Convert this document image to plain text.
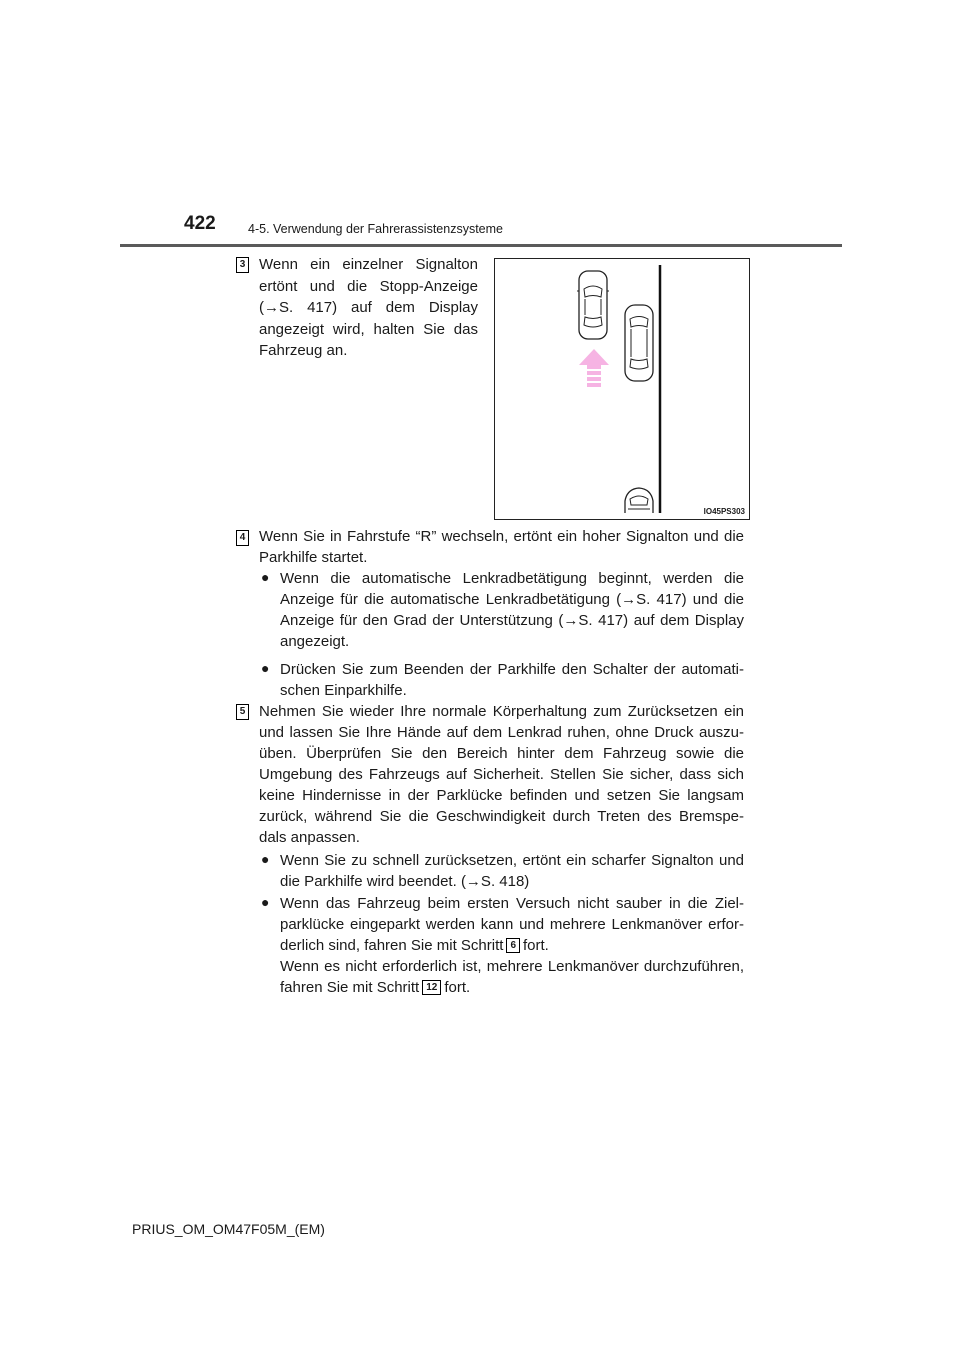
422	4-5. Verwendung der Fahrerassistenzsysteme
3 Wenn ein einzelner Signalton
ertönt und die Stopp-Anzeige
(→S. 417) auf dem Display
angezeigt wird, halten Sie das
Fahrzeug an.
IO45PS303
4 Wenn Sie in Fahrstufe “R” wechseln, ertönt ein hoher Signalton und die
Parkhilfe startet.
● Wenn die automatische Lenkradbetätigung beginnt, werden die
Anzeige für die automatische Lenkradbetätigung (→S. 417) und die
Anzeige für den Grad der Unterstützung (→S. 417) auf dem Display
angezeigt.
● Drücken Sie zum Beenden der Parkhilfe den Schalter der automati-
schen Einparkhilfe.
5 Nehmen Sie wieder Ihre normale Körperhaltung zum Zurücksetzen ein
und lassen Sie Ihre Hände auf dem Lenkrad ruhen, ohne Druck auszu-
üben. Überprüfen Sie den Bereich hinter dem Fahrzeug sowie die
Umgebung des Fahrzeugs auf Sicherheit. Stellen Sie sicher, dass sich
keine Hindernisse in der Parklücke befinden und setzen Sie langsam
zurück, während Sie die Geschwindigkeit durch Treten des Bremspe-
dals anpassen.
● Wenn Sie zu schnell zurücksetzen, ertönt ein scharfer Signalton und
die Parkhilfe wird beendet. (→S. 418)
● Wenn das Fahrzeug beim ersten Versuch nicht sauber in die Ziel-
parklücke eingeparkt werden kann und mehrere Lenkmanöver erfor-
derlich sind, fahren Sie mit Schritt 6 fort.
Wenn es nicht erforderlich ist, mehrere Lenkmanöver durchzuführen,
fahren Sie mit Schritt 12 fort.
PRIUS_OM_OM47F05M_(EM)
